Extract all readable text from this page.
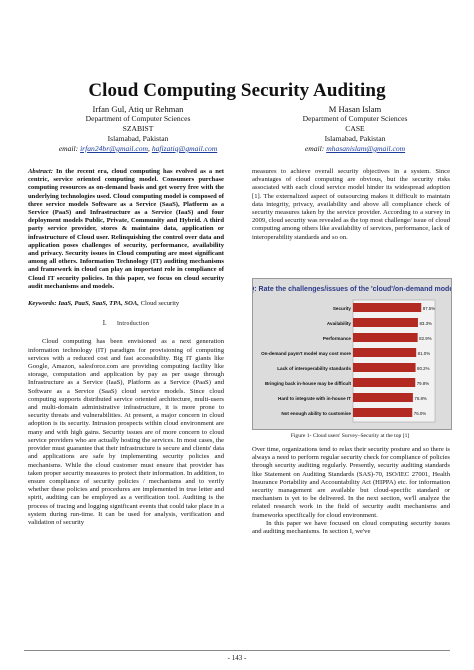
Cloud Computing Security Auditing
Irfan Gul, Atiq ur Rehman
Department of Computer Sciences
SZABIST
Islamabad, Pakistan
email: irfan24br@gmail.com, hafizatiq@gmail.com
M Hasan Islam
Department of Computer Sciences
CASE
Islamabad, Pakistan
email: mhasanislam@gmail.com

Abstract: In the recent era, cloud computing has evolved as a net centric, service oriented computing model. Consumers purchase computing resources as on-demand basis and get worry free with the underlying technologies used. Cloud computing model is composed of three service models Software as a Service (SaaS), Platform as a Service (PaaS) and Infrastructure as a Service (IaaS) and four deployment models Public, Private, Community and Hybrid. A third party service provider, stores & maintains data, application or infrastructure of Cloud user. Relinquishing the control over data and application poses challenges of security, performance, availability and privacy. Security issues in Cloud computing are most significant among all others. Information Technology (IT) auditing mechanisms and framework in cloud can play an important role in compliance of Cloud IT security policies. In this paper, we focus on cloud security audit mechanisms and models.

Keywords: IaaS, PaaS, SaaS, TPA, SOA, Cloud security

I. Introduction

Cloud computing has been envisioned as a next generation information technology (IT) paradigm for provisioning of computing services with a reduced cost and fast accessibility. Big IT giants like Google, Amazon, salesforce.com are providing computing facility like storage, computation and application by pay as per usage through Infrastructure as a Service (IaaS), Platform as a Service (PaaS) and Software as a Service (SaaS) cloud service models. Since cloud computing supports distributed service oriented architecture, multi-users and multi-domain administrative infrastructure, it is more prone to security threats and vulnerabilities. At present, a major concern in cloud adoption is its security. Intrusion prospects within cloud environment are many and with high gains. Security issues are of more concern to cloud service providers who are actually hosting the services. In most cases, the provider must guarantee that their infrastructure is secure and clients' data and applications are safe by implementing security policies and mechanisms. While the cloud customer must ensure that provider has taken proper security measures to protect their information. In addition, to ensure compliance of security policies / mechanisms and to verify whether these policies and procedures are implemented in true letter and spirit, auditing can be employed as a verification tool. Auditing is the process of tracing and logging significant events that could take place in a system during run-time. It can be used for analysis, verification and validation of security

measures to achieve overall security objectives in a system. Since advantages of cloud computing are obvious, but the security risks associated with each cloud service model hinder its widespread adoption [1]. The externalized aspect of outsourcing makes it difficult to maintain data integrity, privacy, availability and above all compliance check of security measures taken by the service provider. According to a survey in 2009, cloud security was revealed as the top most challenge/ issue of cloud computing among others like availability of services, performance, lack of interoperability standards and so on.

Q: Rate the challenges/issues of the 'cloud'/on-demand model
Security	87.5%
Availability	83.3%
Performance	82.9%
On-demand paym't model may cost more	81.0%
Lack of interoperability standards	80.2%
Bringing back in-house may be difficult	79.8%
Hard to integrate with in-house IT	76.8%
Not enough ability to customise	76.0%
Figure 1- Cloud users' Survey–Security at the top [1]

Over time, organizations tend to relax their security posture and so there is always a need to perform regular security check for compliance of policies through security auditing regularly. Presently, security auditing standards like Statement on Auditing Standards (SAS)-70, ISO/IEC 27001, Health Insurance Portability and Accountability Act (HIPPA) etc. for information security management are available but cloud-specific standard or mechanism is yet to be delivered. In the next section, we'll analyze the related research work in the field of security audit mechanisms and frameworks specifically for cloud environment.

In this paper we have focused on cloud computing security issues and auditing mechanisms. In section I, we've

- 143 -
